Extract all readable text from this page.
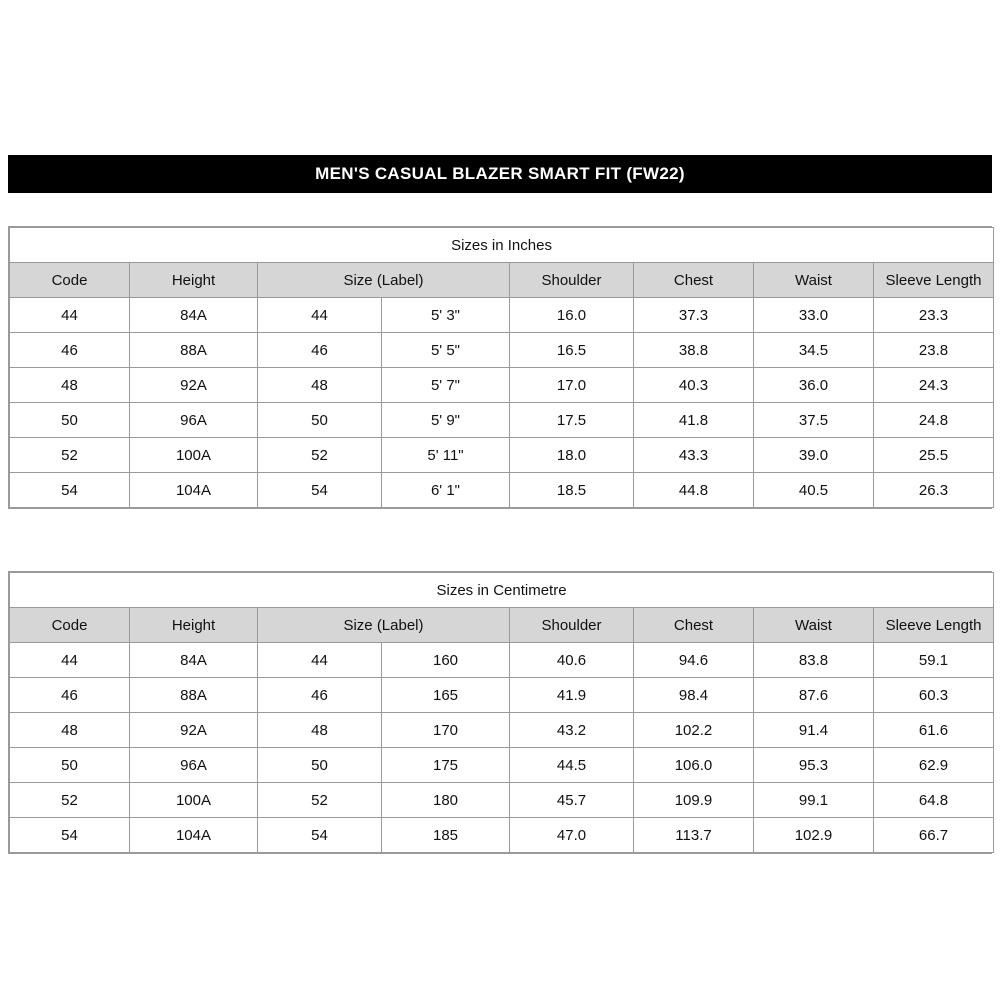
MEN'S CASUAL BLAZER SMART FIT (FW22)
Sizes in Inches							
Code	Height	Size (Label)		Shoulder	Chest	Waist	Sleeve Length
44	84A	44	5' 3"	16.0	37.3	33.0	23.3
46	88A	46	5' 5"	16.5	38.8	34.5	23.8
48	92A	48	5' 7"	17.0	40.3	36.0	24.3
50	96A	50	5' 9"	17.5	41.8	37.5	24.8
52	100A	52	5' 11"	18.0	43.3	39.0	25.5
54	104A	54	6' 1"	18.5	44.8	40.5	26.3
Sizes in Centimetre							
Code	Height	Size (Label)		Shoulder	Chest	Waist	Sleeve Length
44	84A	44	160	40.6	94.6	83.8	59.1
46	88A	46	165	41.9	98.4	87.6	60.3
48	92A	48	170	43.2	102.2	91.4	61.6
50	96A	50	175	44.5	106.0	95.3	62.9
52	100A	52	180	45.7	109.9	99.1	64.8
54	104A	54	185	47.0	113.7	102.9	66.7
